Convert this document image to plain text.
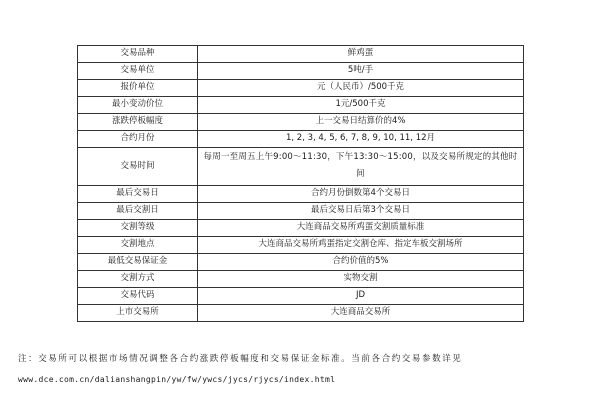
交易品种	鲜鸡蛋
交易单位	5吨/手
报价单位	元（人民币）/500千克
最小变动价位	1元/500千克
涨跌停板幅度	上一交易日结算价的4%
合约月份	1, 2, 3, 4, 5, 6, 7, 8, 9, 10, 11, 12月
交易时间	每周一至周五上午9:00～11:30，下午13:30～15:00，以及交易所规定的其他时间
最后交易日	合约月份倒数第4个交易日
最后交割日	最后交易日后第3个交易日
交割等级	大连商品交易所鸡蛋交割质量标准
交割地点	大连商品交易所鸡蛋指定交割仓库、指定车板交割场所
最低交易保证金	合约价值的5%
交割方式	实物交割
交易代码	JD
上市交易所	大连商品交易所
注：交易所可以根据市场情况调整各合约涨跌停板幅度和交易保证金标准。当前各合约交易参数详见
www.dce.com.cn/dalianshangpin/yw/fw/ywcs/jycs/rjycs/index.html
